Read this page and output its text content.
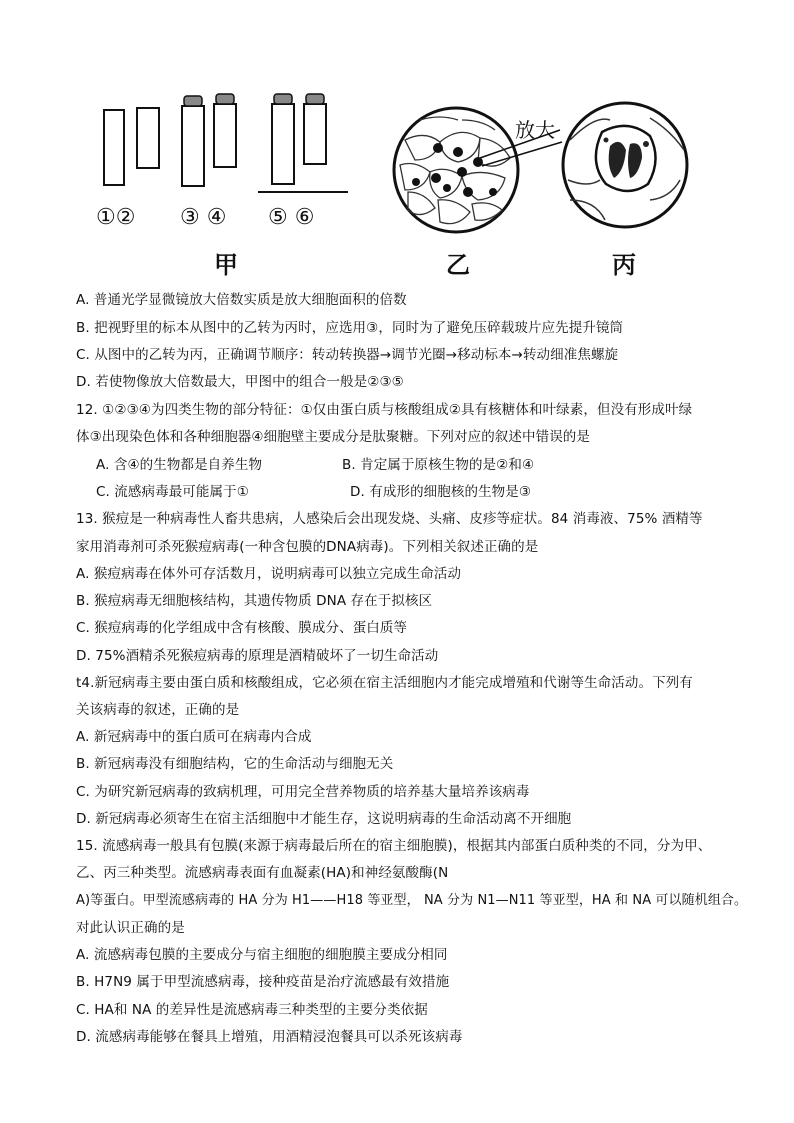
①② ③ ④ ⑤ ⑥
放大
甲	乙	丙
A. 普通光学显微镜放大倍数实质是放大细胞面积的倍数
B. 把视野里的标本从图中的乙转为丙时，应选用③，同时为了避免压碎载玻片应先提升镜筒
C. 从图中的乙转为丙，正确调节顺序：转动转换器→调节光圈→移动标本→转动细准焦螺旋
D. 若使物像放大倍数最大，甲图中的组合一般是②③⑤
12. ①②③④为四类生物的部分特征：①仅由蛋白质与核酸组成②具有核糖体和叶绿素，但没有形成叶绿
体③出现染色体和各种细胞器④细胞壁主要成分是肽聚糖。下列对应的叙述中错误的是
A. 含④的生物都是自养生物	B. 肯定属于原核生物的是②和④
C. 流感病毒最可能属于①	D. 有成形的细胞核的生物是③
13. 猴痘是一种病毒性人畜共患病，人感染后会出现发烧、头痛、皮疹等症状。84 消毒液、75% 酒精等
家用消毒剂可杀死猴痘病毒(一种含包膜的DNA病毒)。下列相关叙述正确的是
A. 猴痘病毒在体外可存活数月，说明病毒可以独立完成生命活动
B. 猴痘病毒无细胞核结构，其遗传物质 DNA 存在于拟核区
C. 猴痘病毒的化学组成中含有核酸、膜成分、蛋白质等
D. 75%酒精杀死猴痘病毒的原理是酒精破坏了一切生命活动
t4.新冠病毒主要由蛋白质和核酸组成，它必须在宿主活细胞内才能完成增殖和代谢等生命活动。下列有
关该病毒的叙述，正确的是
A. 新冠病毒中的蛋白质可在病毒内合成
B. 新冠病毒没有细胞结构，它的生命活动与细胞无关
C. 为研究新冠病毒的致病机理，可用完全营养物质的培养基大量培养该病毒
D. 新冠病毒必须寄生在宿主活细胞中才能生存，这说明病毒的生命活动离不开细胞
15. 流感病毒一般具有包膜(来源于病毒最后所在的宿主细胞膜)，根据其内部蛋白质种类的不同，分为甲、
乙、丙三种类型。流感病毒表面有血凝素(HA)和神经氨酸酶(N
A)等蛋白。甲型流感病毒的 HA 分为 H1——H18 等亚型， NA 分为 N1—N11 等亚型，HA 和 NA 可以随机组合。
对此认识正确的是
A. 流感病毒包膜的主要成分与宿主细胞的细胞膜主要成分相同
B. H7N9 属于甲型流感病毒，接种疫苗是治疗流感最有效措施
C. HA和 NA 的差异性是流感病毒三种类型的主要分类依据
D. 流感病毒能够在餐具上增殖，用酒精浸泡餐具可以杀死该病毒
